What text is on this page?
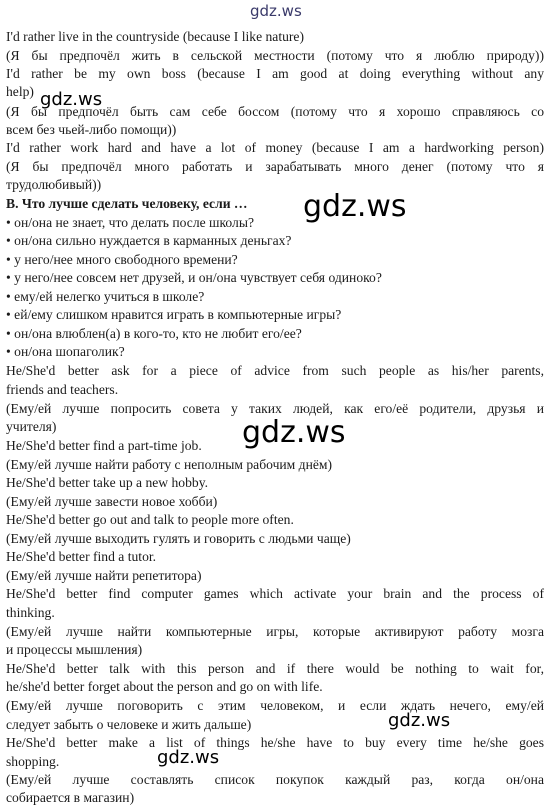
gdz.ws

I'd rather live in the countryside (because I like nature)

(Я бы предпочёл жить в сельской местности (потому что я люблю природу))

I'd rather be my own boss (because I am good at doing everything without any

help)

(Я бы предпочёл быть сам себе боссом (потому что я хорошо справляюсь со

всем без чьей-либо помощи))

I'd rather work hard and have a lot of money (because I am a hardworking person)

(Я бы предпочёл много работать и зарабатывать много денег (потому что я

трудолюбивый))

B. Что лучше сделать человеку, если …

• он/она не знает, что делать после школы?

• он/она сильно нуждается в карманных деньгах?

• у него/нее много свободного времени?

• у него/нее совсем нет друзей, и он/она чувствует себя одиноко?

• ему/ей нелегко учиться в школе?

• ей/ему слишком нравится играть в компьютерные игры?

• он/она влюблен(а) в кого-то, кто не любит его/ее?

• он/она шопаголик?

He/She'd better ask for a piece of advice from such people as his/her parents,

friends and teachers.

(Ему/ей лучше попросить совета у таких людей, как его/её родители, друзья и

учителя)

He/She'd better find a part-time job.

(Ему/ей лучше найти работу с неполным рабочим днём)

He/She'd better take up a new hobby.

(Ему/ей лучше завести новое хобби)

He/She'd better go out and talk to people more often.

(Ему/ей лучше выходить гулять и говорить с людьми чаще)

He/She'd better find a tutor.

(Ему/ей лучше найти репетитора)

He/She'd better find computer games which activate your brain and the process of

thinking.

(Ему/ей лучше найти компьютерные игры, которые активируют работу мозга

и процессы мышления)

He/She'd better talk with this person and if there would be nothing to wait for,

he/she'd better forget about the person and go on with life.

(Ему/ей лучше поговорить с этим человеком, и если ждать нечего, ему/ей

следует забыть о человеке и жить дальше)

He/She'd better make a list of things he/she have to buy every time he/she goes

shopping.

(Ему/ей лучше составлять список покупок каждый раз, когда он/она

собирается в магазин)

gdz.ws
gdz.ws
gdz.ws
gdz.ws
gdz.ws
